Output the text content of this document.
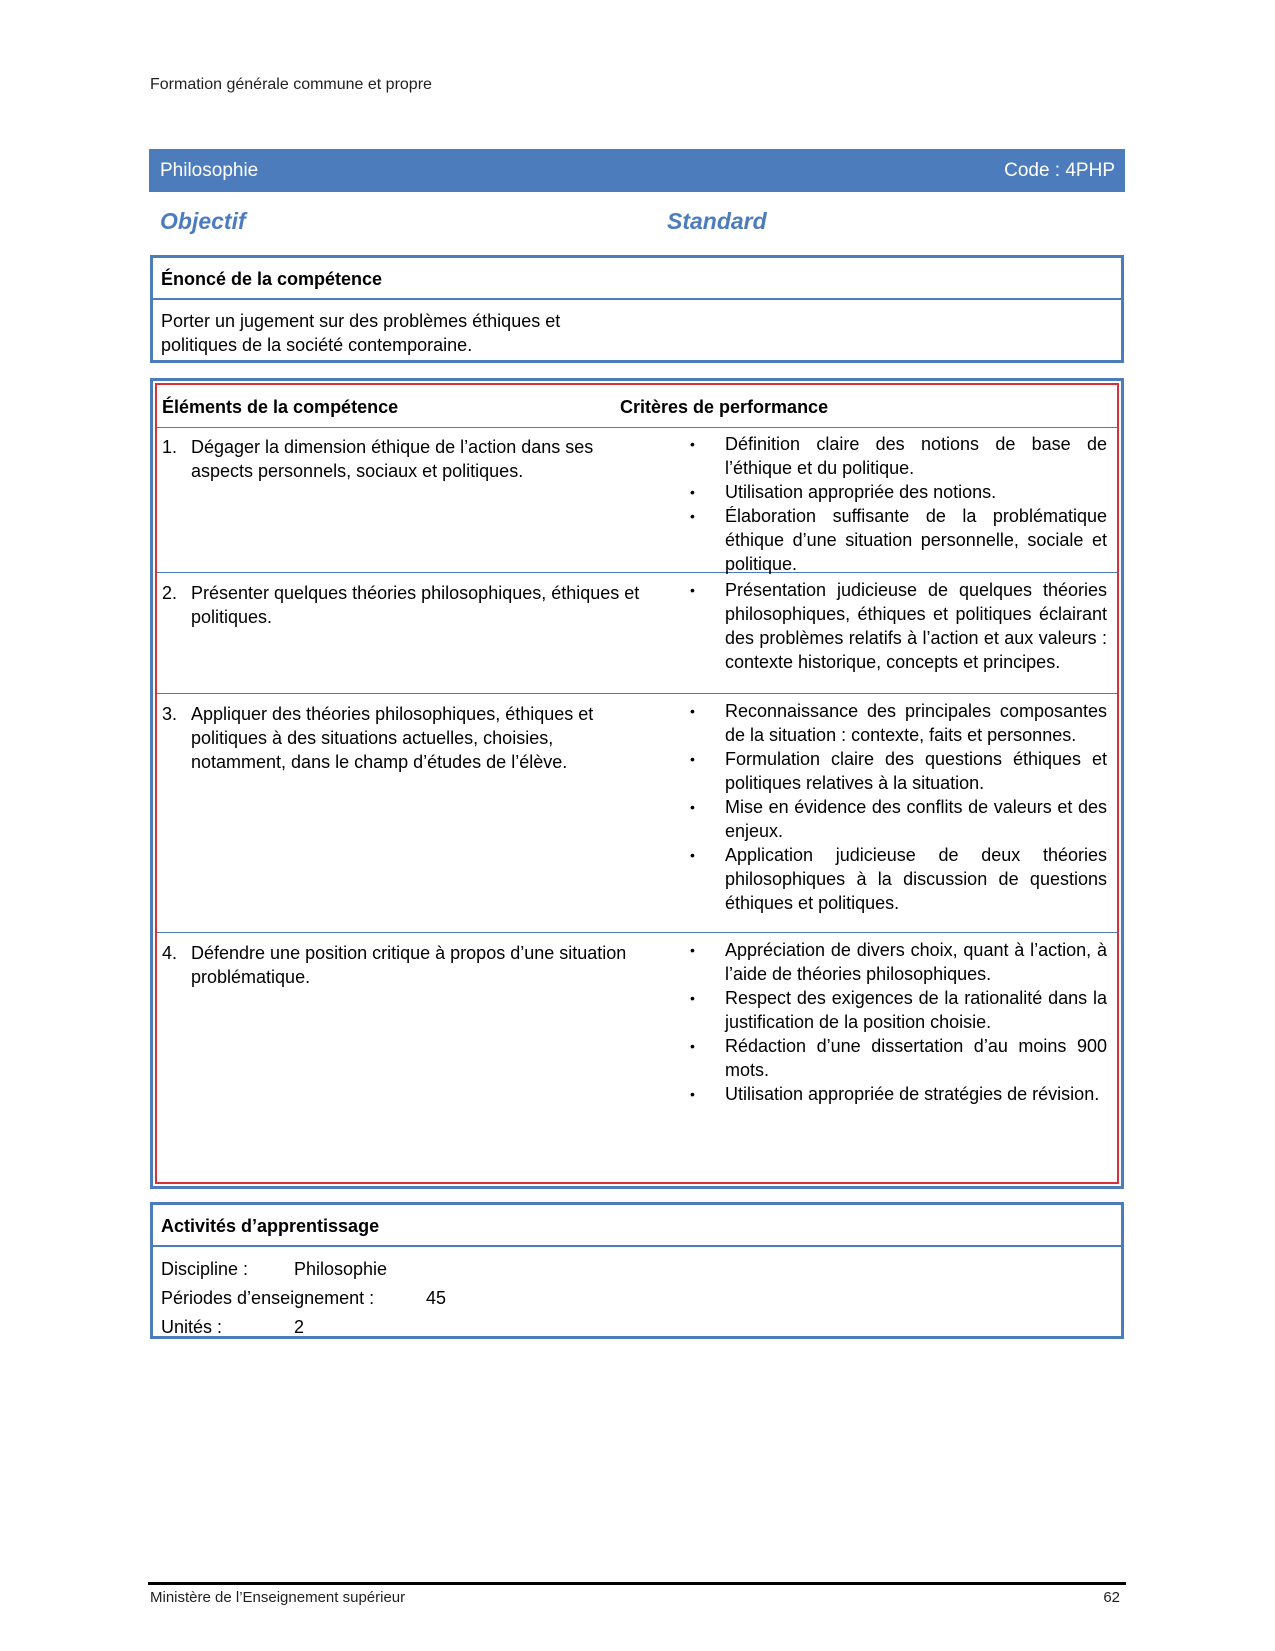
Formation générale commune et propre
Philosophie	Code : 4PHP
Objectif	Standard
Énoncé de la compétence
Porter un jugement sur des problèmes éthiques et politiques de la société contemporaine.
Éléments de la compétence	Critères de performance
1. Dégager la dimension éthique de l’action dans ses aspects personnels, sociaux et politiques.
•	Définition claire des notions de base de l’éthique et du politique.
•	Utilisation appropriée des notions.
•	Élaboration suffisante de la problématique éthique d’une situation personnelle, sociale et politique.
2. Présenter quelques théories philosophiques, éthiques et politiques.
•	Présentation judicieuse de quelques théories philosophiques, éthiques et politiques éclairant des problèmes relatifs à l’action et aux valeurs : contexte historique, concepts et principes.
3. Appliquer des théories philosophiques, éthiques et politiques à des situations actuelles, choisies, notamment, dans le champ d’études de l’élève.
•	Reconnaissance des principales composantes de la situation : contexte, faits et personnes.
•	Formulation claire des questions éthiques et politiques relatives à la situation.
•	Mise en évidence des conflits de valeurs et des enjeux.
•	Application judicieuse de deux théories philosophiques à la discussion de questions éthiques et politiques.
4. Défendre une position critique à propos d’une situation problématique.
•	Appréciation de divers choix, quant à l’action, à l’aide de théories philosophiques.
•	Respect des exigences de la rationalité dans la justification de la position choisie.
•	Rédaction d’une dissertation d’au moins 900 mots.
•	Utilisation appropriée de stratégies de révision.
Activités d’apprentissage
Discipline :	Philosophie
Périodes d’enseignement :	45
Unités :	2
Ministère de l’Enseignement supérieur	62
